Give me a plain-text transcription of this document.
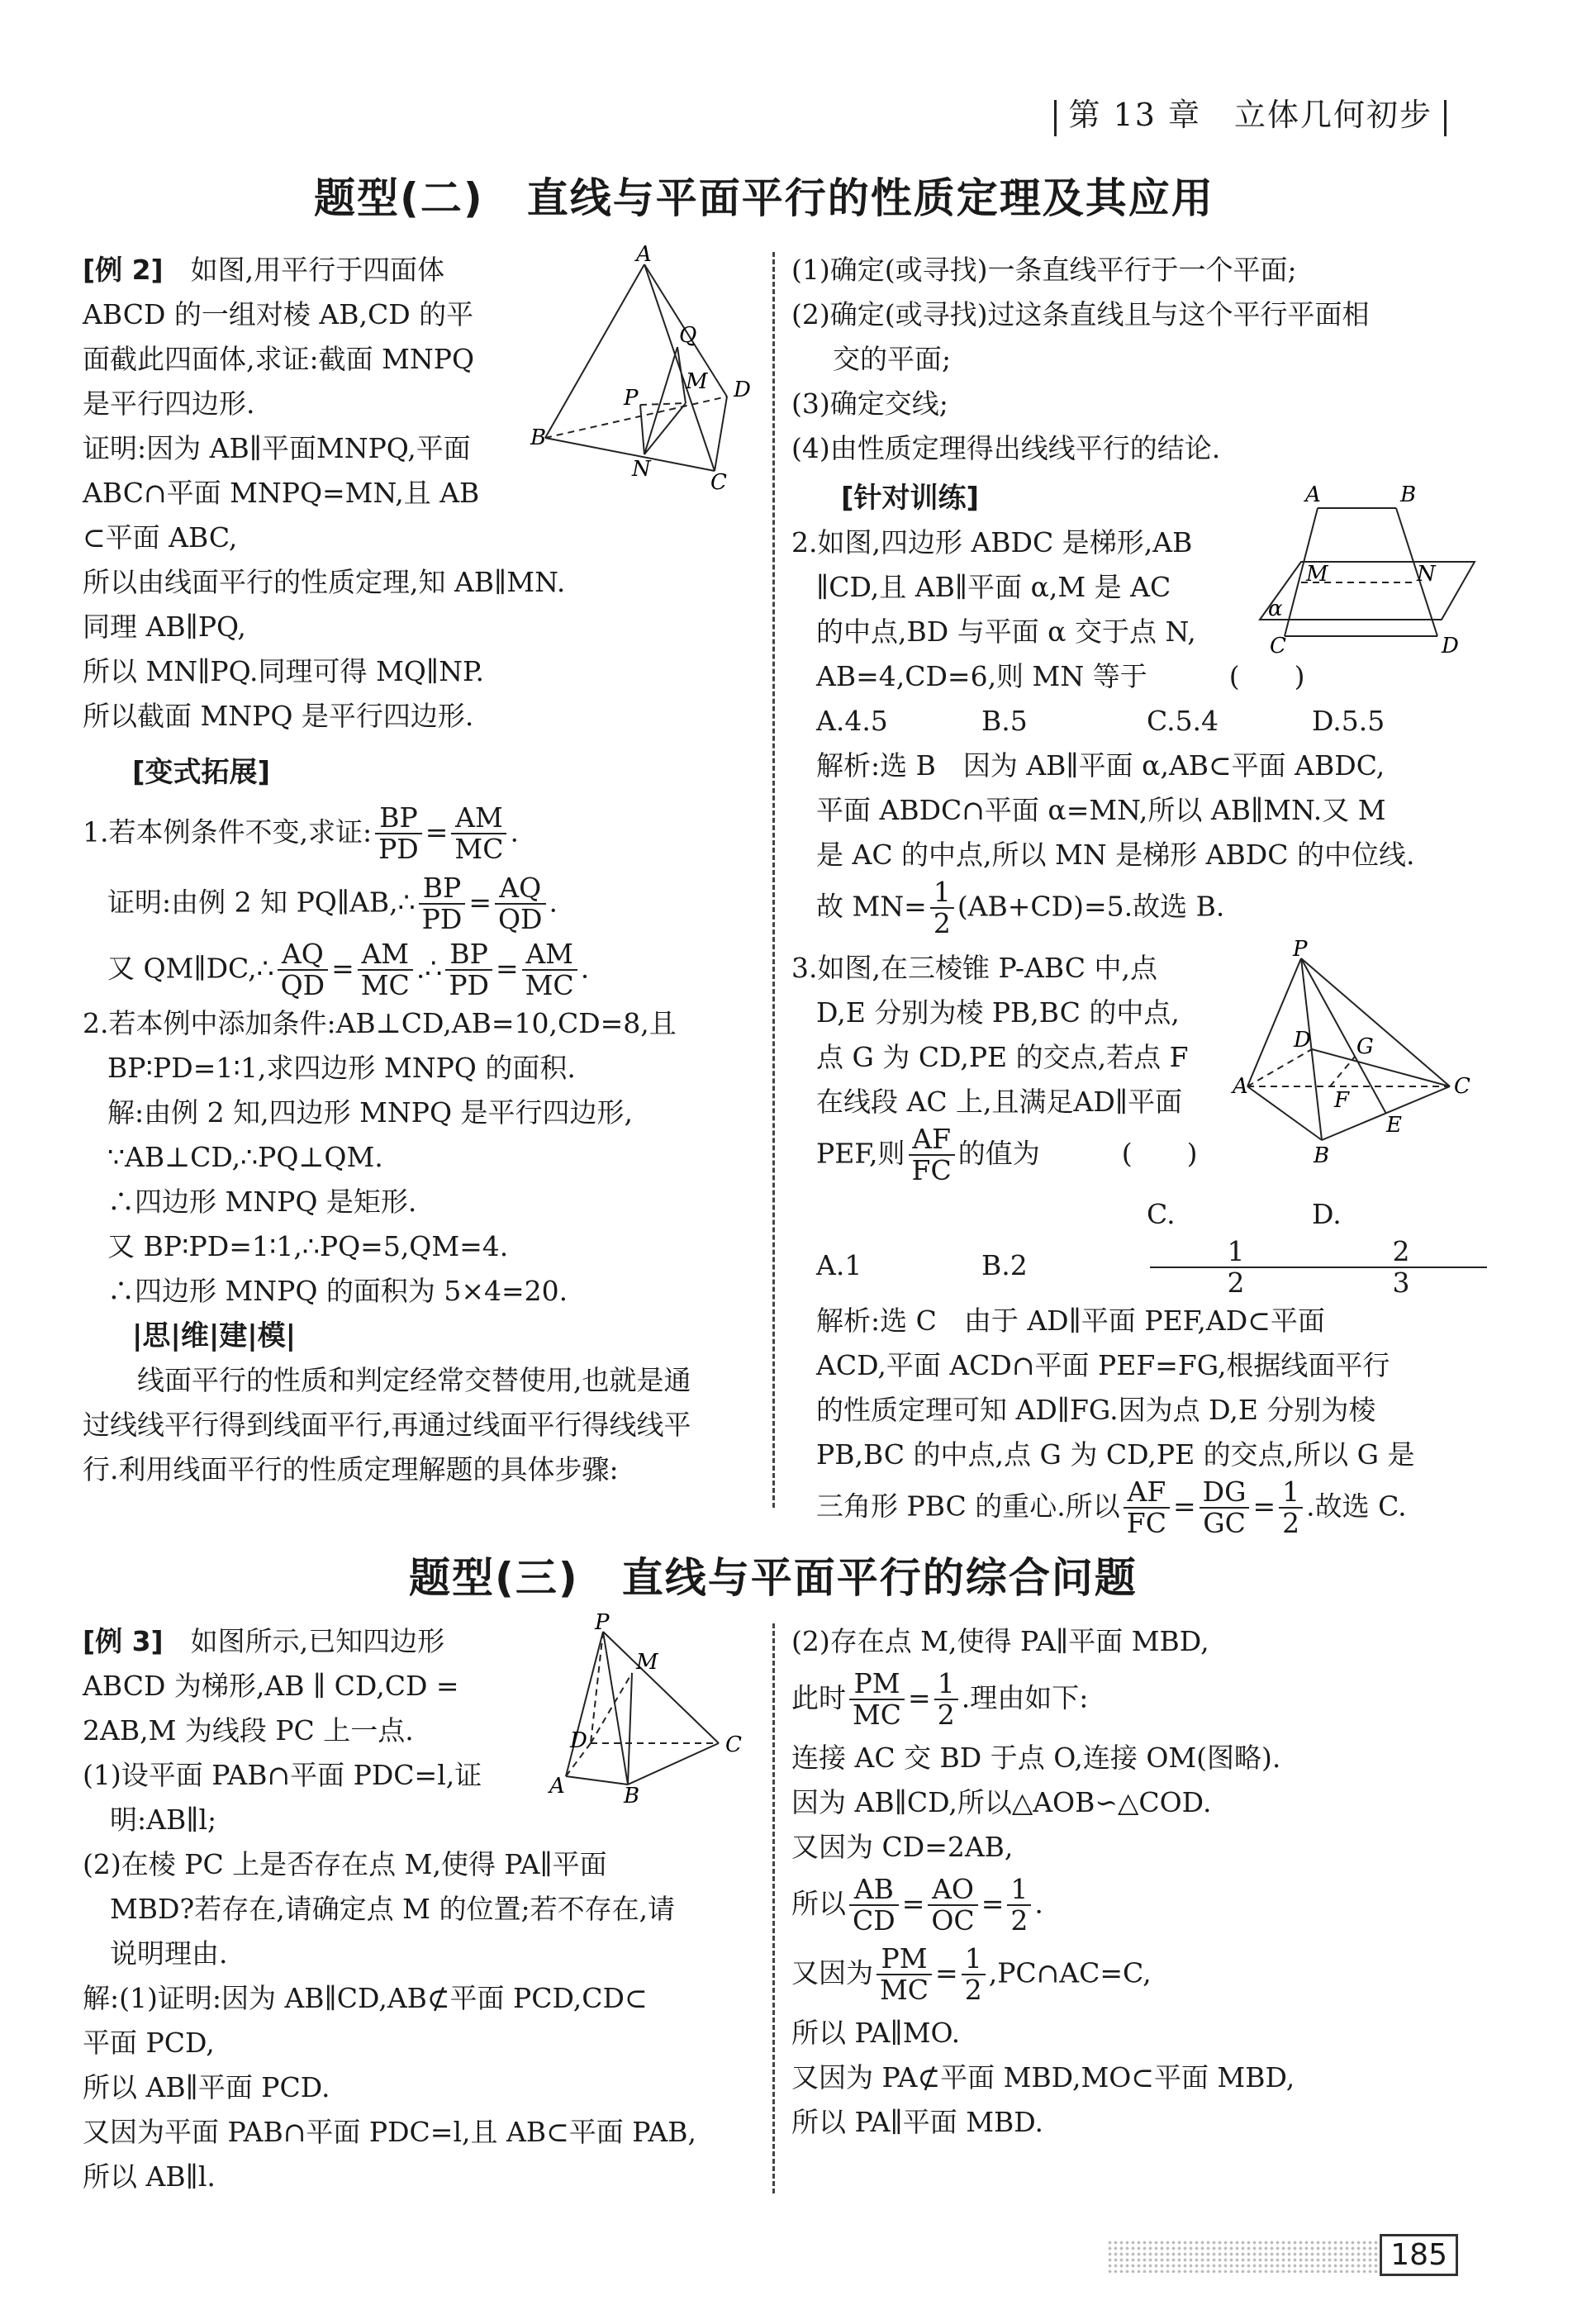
第 13 章　 立体几何初步
题型(二)　直线与平面平行的性质定理及其应用

[例 2]　 如图,用平行于四面体

ABCD 的一组对棱 AB,CD 的平

面截此四面体,求证:截面 MNPQ

是平行四边形.

证明:因为 AB∥平面MNPQ,平面

ABC∩平面 MNPQ=MN,且 AB

⊂平面 ABC,

所以由线面平行的性质定理,知 AB∥MN.

同理 AB∥PQ,

所以 MN∥PQ.同理可得 MQ∥NP.

所以截面 MNPQ 是平行四边形.

[变式拓展]

1.若本例条件不变,求证: $\frac{BP}{PD} = \frac{AM}{MC}$ .

证明:由例 2 知 PQ∥AB,∴ $\frac{BP}{PD} = \frac{AQ}{QD}$ .

又 QM∥DC,∴ $\frac{AQ}{QD} = \frac{AM}{MC}$ .∴ $\frac{BP}{PD} = \frac{AM}{MC}$ .

2.若本例中添加条件:AB⊥CD,AB=10,CD=8,且

BP∶PD=1∶1,求四边形 MNPQ 的面积.

解:由例 2 知,四边形 MNPQ 是平行四边形,

∵AB⊥CD,∴PQ⊥QM.

∴四边形 MNPQ 是矩形.

又 BP∶PD=1∶1,∴PQ=5,QM=4.

∴四边形 MNPQ 的面积为 5×4=20.

|思|维|建|模|

线面平行的性质和判定经常交替使用,也就是通

过线线平行得到线面平行,再通过线面平行得线线平

行.利用线面平行的性质定理解题的具体步骤:

A
B
C
D
Q
M
P
N

(1)确定(或寻找)一条直线平行于一个平面;

(2)确定(或寻找)过这条直线且与这个平行平面相

交的平面;

(3)确定交线;

(4)由性质定理得出线线平行的结论.

[针对训练]

2.如图,四边形 ABDC 是梯形,AB

∥CD,且 AB∥平面 α,M 是 AC

的中点,BD 与平面 α 交于点 N,

AB=4,CD=6,则 MN 等于　　　(　　)

A.4.5	B.5	C.5.4	D.5.5

解析:选 B　因为 AB∥平面 α,AB⊂平面 ABDC,

平面 ABDC∩平面 α=MN,所以 AB∥MN.又 M

是 AC 的中点,所以 MN 是梯形 ABDC 的中位线.

故 $MN= \frac{1}{2} (AB+CD)=5$.故选 B.

3.如图,在三棱锥 P-ABC 中,点

D,E 分别为棱 PB,BC 的中点,

点 G 为 CD,PE 的交点,若点 F

在线段 AC 上,且满足AD∥平面

PEF,则 $\frac{AF}{FC}$ 的值为　　　(　　)

A.1	B.2C.
$\frac{1}{2}$
D.
$\frac{2}{3}$

解析:选 C　由于 AD∥平面 PEF,AD⊂平面

ACD,平面 ACD∩平面 PEF=FG,根据线面平行

的性质定理可知 AD∥FG.因为点 D,E 分别为棱

PB,BC 的中点,点 G 为 CD,PE 的交点,所以 G 是

三角形 PBC 的重心.所以 $\frac{AF}{FC} = \frac{DG}{GC} = \frac{1}{2}$ .故选 C.

A	B
C	D
M	N
α
P
A
B
C
D
E
F
G
题型(三)　直线与平面平行的综合问题

[例 3]　 如图所示,已知四边形

ABCD 为梯形,AB ∥ CD,CD =

2AB,M 为线段 PC 上一点.

(1)设平面 PAB∩平面 PDC=l,证

　明:AB∥l;

(2)在棱 PC 上是否存在点 M,使得 PA∥平面

　MBD?若存在,请确定点 M 的位置;若不存在,请

　说明理由.

解:(1)证明:因为 AB∥CD,AB⊄平面 PCD,CD⊂

平面 PCD,

所以 AB∥平面 PCD.

又因为平面 PAB∩平面 PDC=l,且 AB⊂平面 PAB,

所以 AB∥l.

P
M
A	B
C
D

(2)存在点 M,使得 PA∥平面 MBD,

此时 $\frac{PM}{MC} = \frac{1}{2}$ .理由如下:

连接 AC 交 BD 于点 O,连接 OM(图略).

因为 AB∥CD,所以△AOB∽△COD.

又因为 CD=2AB,

所以 $\frac{AB}{CD} = \frac{AO}{OC} = \frac{1}{2}$ .

又因为 $\frac{PM}{MC} = \frac{1}{2}$ ,PC∩AC=C,

所以 PA∥MO.

又因为 PA⊄平面 MBD,MO⊂平面 MBD,

所以 PA∥平面 MBD.

185
